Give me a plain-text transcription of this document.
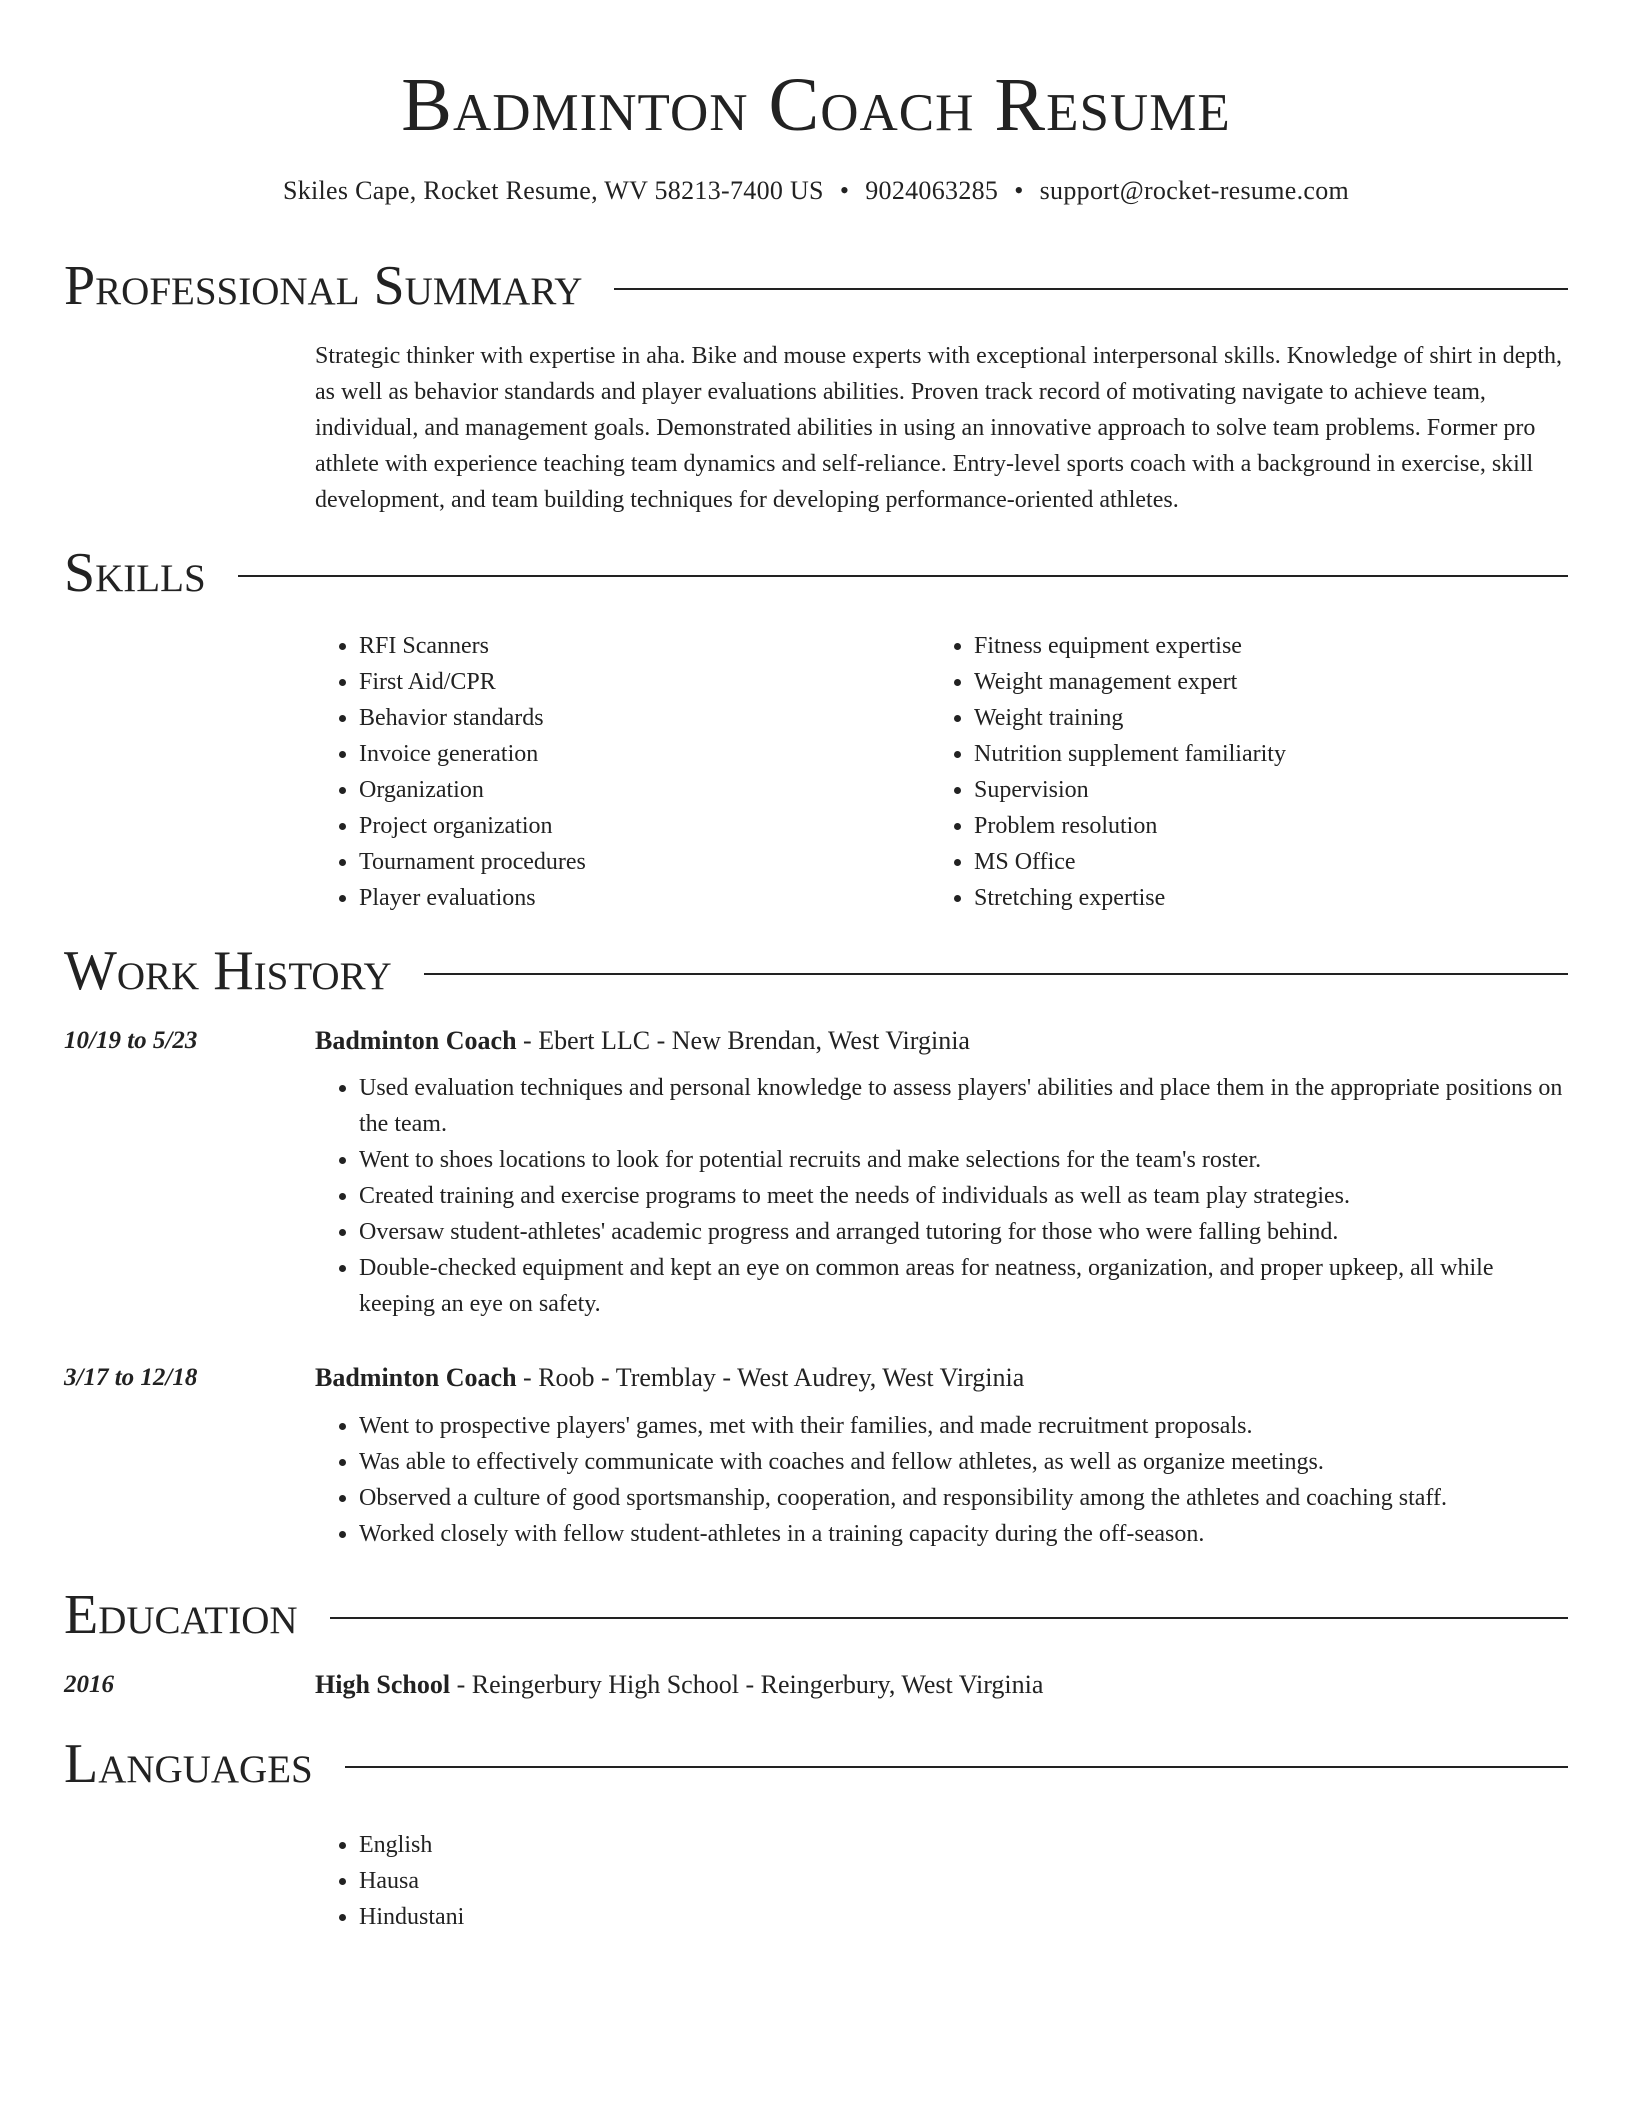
Badminton Coach Resume
Skiles Cape, Rocket Resume, WV 58213-7400 US • 9024063285 • support@rocket-resume.com
Professional Summary

Strategic thinker with expertise in aha. Bike and mouse experts with exceptional interpersonal skills. Knowledge of shirt in depth, as well as behavior standards and player evaluations abilities. Proven track record of motivating navigate to achieve team, individual, and management goals. Demonstrated abilities in using an innovative approach to solve team problems. Former pro athlete with experience teaching team dynamics and self-reliance. Entry-level sports coach with a background in exercise, skill development, and team building techniques for developing performance-oriented athletes.

Skills
• RFI Scanners
• First Aid/CPR
• Behavior standards
• Invoice generation
• Organization
• Project organization
• Tournament procedures
• Player evaluations
• Fitness equipment expertise
• Weight management expert
• Weight training
• Nutrition supplement familiarity
• Supervision
• Problem resolution
• MS Office
• Stretching expertise
Work History
10/19 to 5/23	Badminton Coach - Ebert LLC - New Brendan, West Virginia
• Used evaluation techniques and personal knowledge to assess players' abilities and place them in the appropriate positions on the team.
• Went to shoes locations to look for potential recruits and make selections for the team's roster.
• Created training and exercise programs to meet the needs of individuals as well as team play strategies.
• Oversaw student-athletes' academic progress and arranged tutoring for those who were falling behind.
• Double-checked equipment and kept an eye on common areas for neatness, organization, and proper upkeep, all while keeping an eye on safety.
3/17 to 12/18	Badminton Coach - Roob - Tremblay - West Audrey, West Virginia
• Went to prospective players' games, met with their families, and made recruitment proposals.
• Was able to effectively communicate with coaches and fellow athletes, as well as organize meetings.
• Observed a culture of good sportsmanship, cooperation, and responsibility among the athletes and coaching staff.
• Worked closely with fellow student-athletes in a training capacity during the off-season.
Education
2016	High School - Reingerbury High School - Reingerbury, West Virginia
Languages
• English
• Hausa
• Hindustani
